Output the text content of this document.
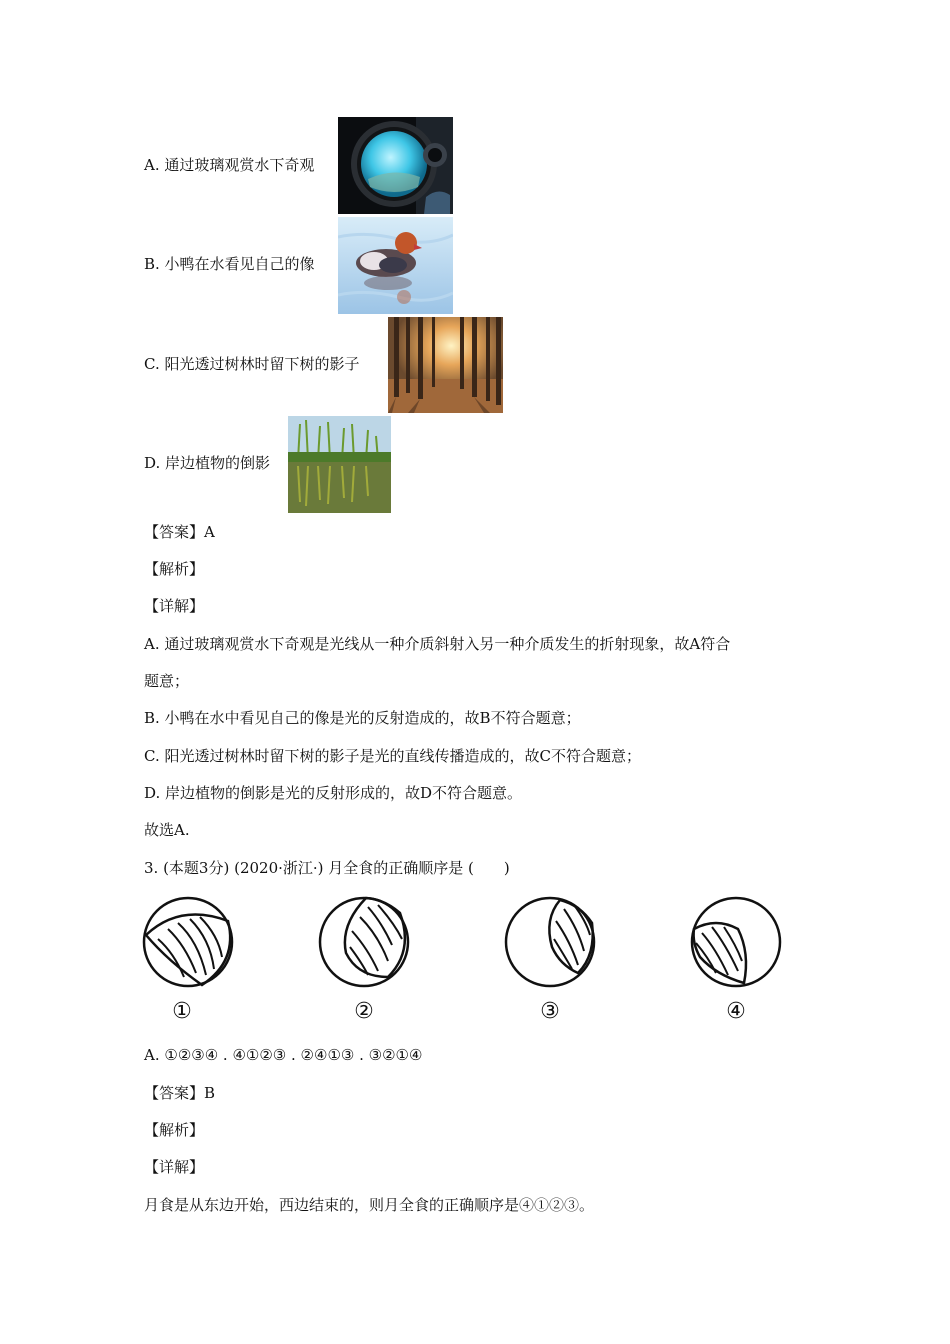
A. 通过玻璃观赏水下奇观
B. 小鸭在水看见自己的像
C. 阳光透过树林时留下树的影子
D. 岸边植物的倒影
【答案】A
【解析】
【详解】
A. 通过玻璃观赏水下奇观是光线从一种介质斜射入另一种介质发生的折射现象，故A符合
题意；
B. 小鸭在水中看见自己的像是光的反射造成的，故B不符合题意；
C. 阳光透过树林时留下树的影子是光的直线传播造成的，故C不符合题意；
D. 岸边植物的倒影是光的反射形成的，故D不符合题意。
故选A.
3. (本题3分) (2020·浙江·) 月全食的正确顺序是 (　　)
①	②	③	④
A. ①②③④ . ④①②③ . ②④①③ . ③②①④
【答案】B
【解析】
【详解】
月食是从东边开始，西边结束的，则月全食的正确顺序是④①②③。
